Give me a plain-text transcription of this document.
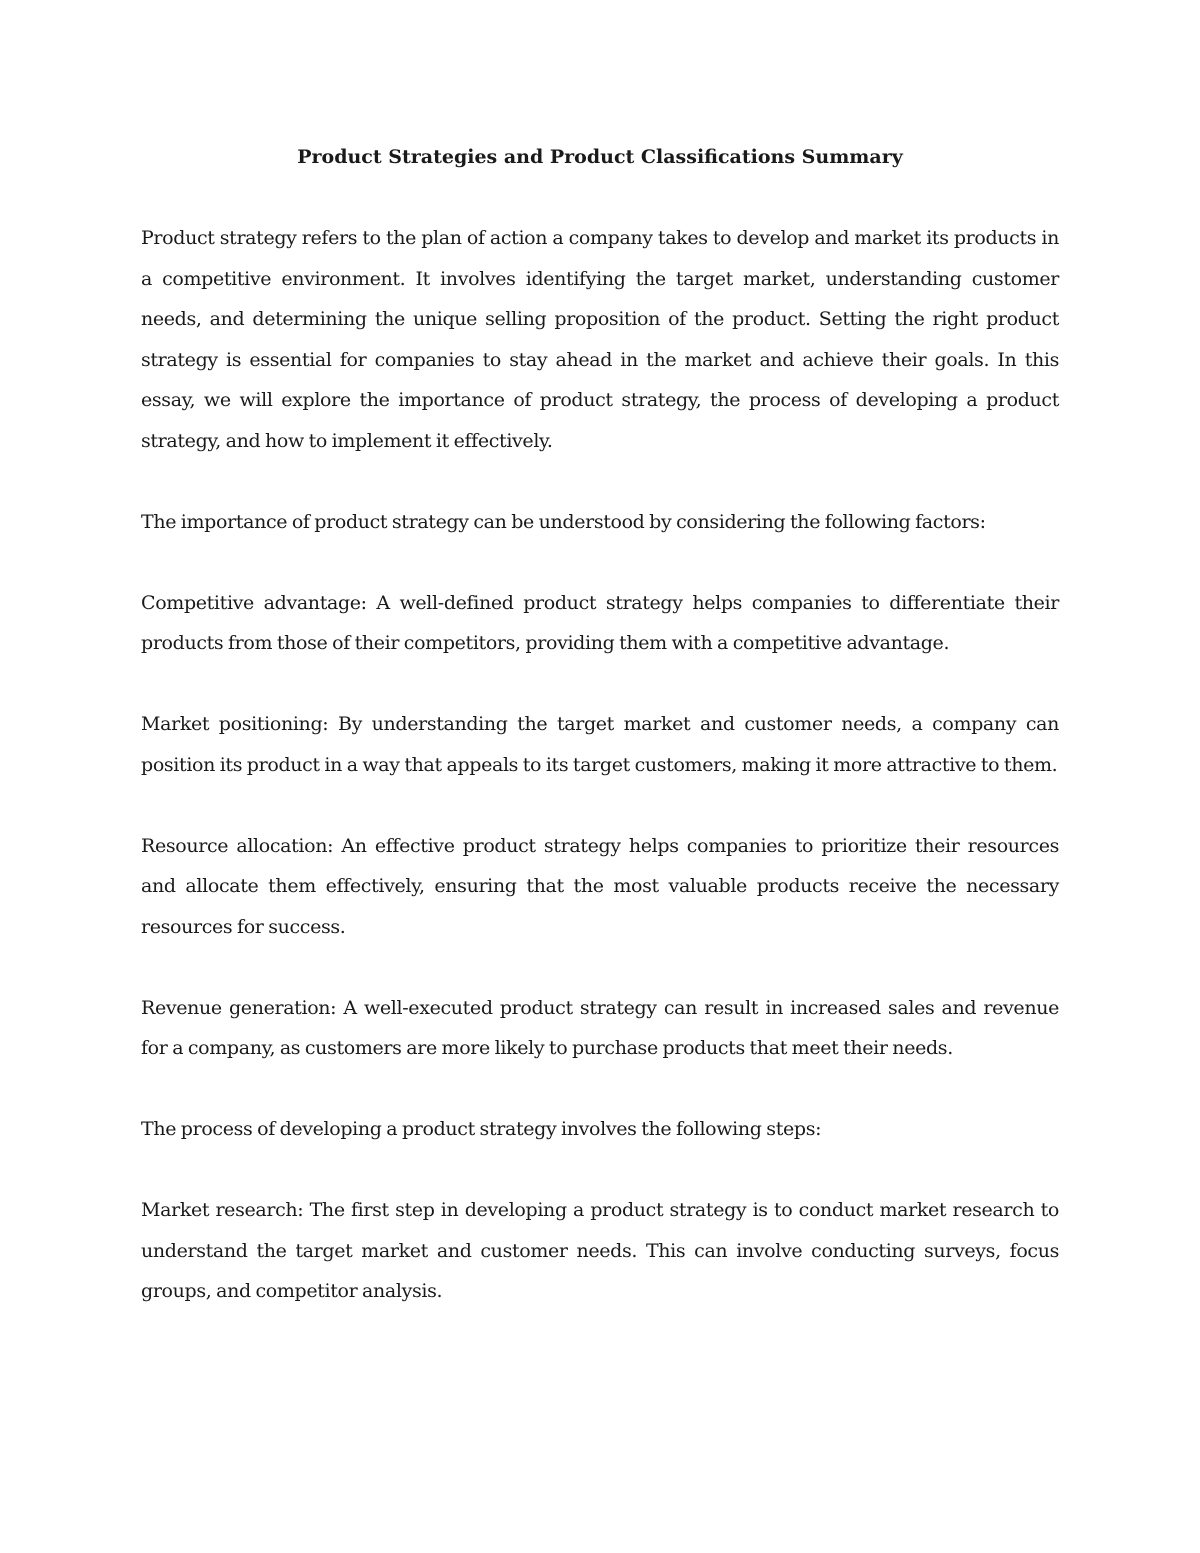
Product Strategies and Product Classifications Summary

Product strategy refers to the plan of action a company takes to develop and market its products in a competitive environment. It involves identifying the target market, understanding customer needs, and determining the unique selling proposition of the product. Setting the right product strategy is essential for companies to stay ahead in the market and achieve their goals. In this essay, we will explore the importance of product strategy, the process of developing a product strategy, and how to implement it effectively.

The importance of product strategy can be understood by considering the following factors:

Competitive advantage: A well-defined product strategy helps companies to differentiate their products from those of their competitors, providing them with a competitive advantage.

Market positioning: By understanding the target market and customer needs, a company can position its product in a way that appeals to its target customers, making it more attractive to them.

Resource allocation: An effective product strategy helps companies to prioritize their resources and allocate them effectively, ensuring that the most valuable products receive the necessary resources for success.

Revenue generation: A well-executed product strategy can result in increased sales and revenue for a company, as customers are more likely to purchase products that meet their needs.

The process of developing a product strategy involves the following steps:

Market research: The first step in developing a product strategy is to conduct market research to understand the target market and customer needs. This can involve conducting surveys, focus groups, and competitor analysis.
